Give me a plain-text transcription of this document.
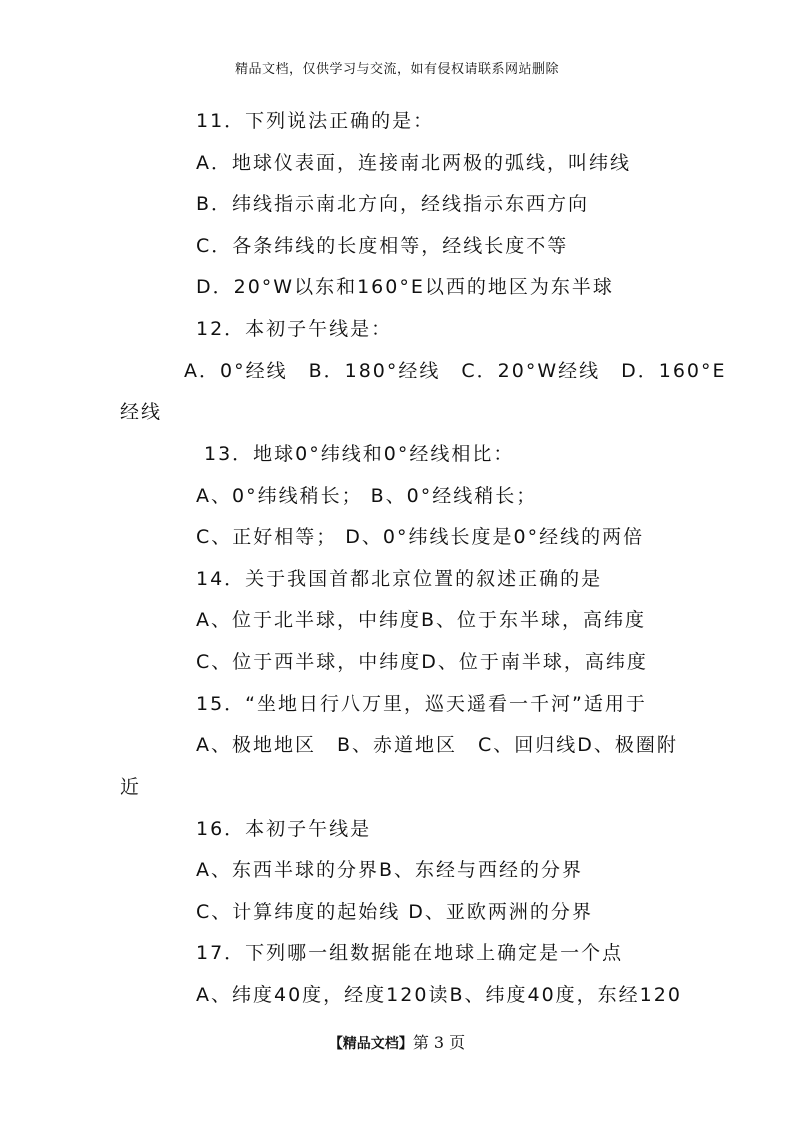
精品文档，仅供学习与交流，如有侵权请联系网站删除
11．下列说法正确的是：
A．地球仪表面，连接南北两极的弧线，叫纬线
B．纬线指示南北方向，经线指示东西方向
C．各条纬线的长度相等，经线长度不等
D．20°W以东和160°E以西的地区为东半球
12．本初子午线是：
A．0°经线　B．180°经线　C．20°W经线　D．160°E
经线
13．地球0°纬线和0°经线相比：
A、0°纬线稍长； B、0°经线稍长；
C、正好相等； D、0°纬线长度是0°经线的两倍
14．关于我国首都北京位置的叙述正确的是
A、位于北半球，中纬度B、位于东半球，高纬度
C、位于西半球，中纬度D、位于南半球，高纬度
15．“坐地日行八万里，巡天遥看一千河”适用于
A、极地地区　B、赤道地区　C、回归线D、极圈附
近
16．本初子午线是
A、东西半球的分界B、东经与西经的分界
C、计算纬度的起始线 D、亚欧两洲的分界
17．下列哪一组数据能在地球上确定是一个点
A、纬度40度，经度120读B、纬度40度，东经120
【精品文档】第 3 页
